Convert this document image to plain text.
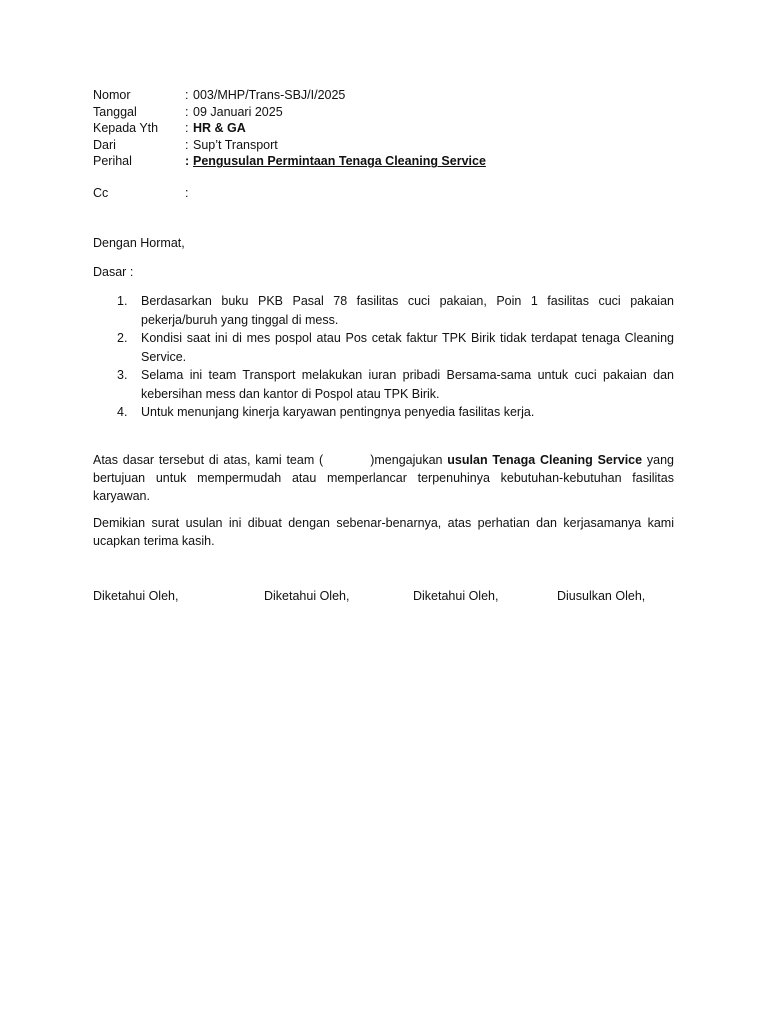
Nomor	: 003/MHP/Trans-SBJ/I/2025
Tanggal	: 09 Januari 2025
Kepada Yth	: HR & GA
Dari	: Sup’t Transport
Perihal	: Pengusulan Permintaan Tenaga Cleaning Service
Cc	:
Dengan Hormat,
Dasar :
1.	Berdasarkan buku PKB Pasal 78 fasilitas cuci pakaian, Poin 1 fasilitas cuci pakaian pekerja/buruh yang tinggal di mess.
2.	Kondisi saat ini di mes pospol atau Pos cetak faktur TPK Birik tidak terdapat tenaga Cleaning Service.
3.	Selama ini team Transport melakukan iuran pribadi Bersama-sama untuk cuci pakaian dan kebersihan mess dan kantor di Pospol atau TPK Birik.
4.	Untuk menunjang kinerja karyawan pentingnya penyedia fasilitas kerja.

Atas dasar tersebut di atas, kami team (	)mengajukan usulan Tenaga Cleaning Service yang bertujuan untuk mempermudah atau memperlancar terpenuhinya kebutuhan-kebutuhan fasilitas karyawan.

Demikian surat usulan ini dibuat dengan sebenar-benarnya, atas perhatian dan kerjasamanya kami ucapkan terima kasih.

Diketahui Oleh,	Diketahui Oleh,	Diketahui Oleh,	Diusulkan Oleh,
